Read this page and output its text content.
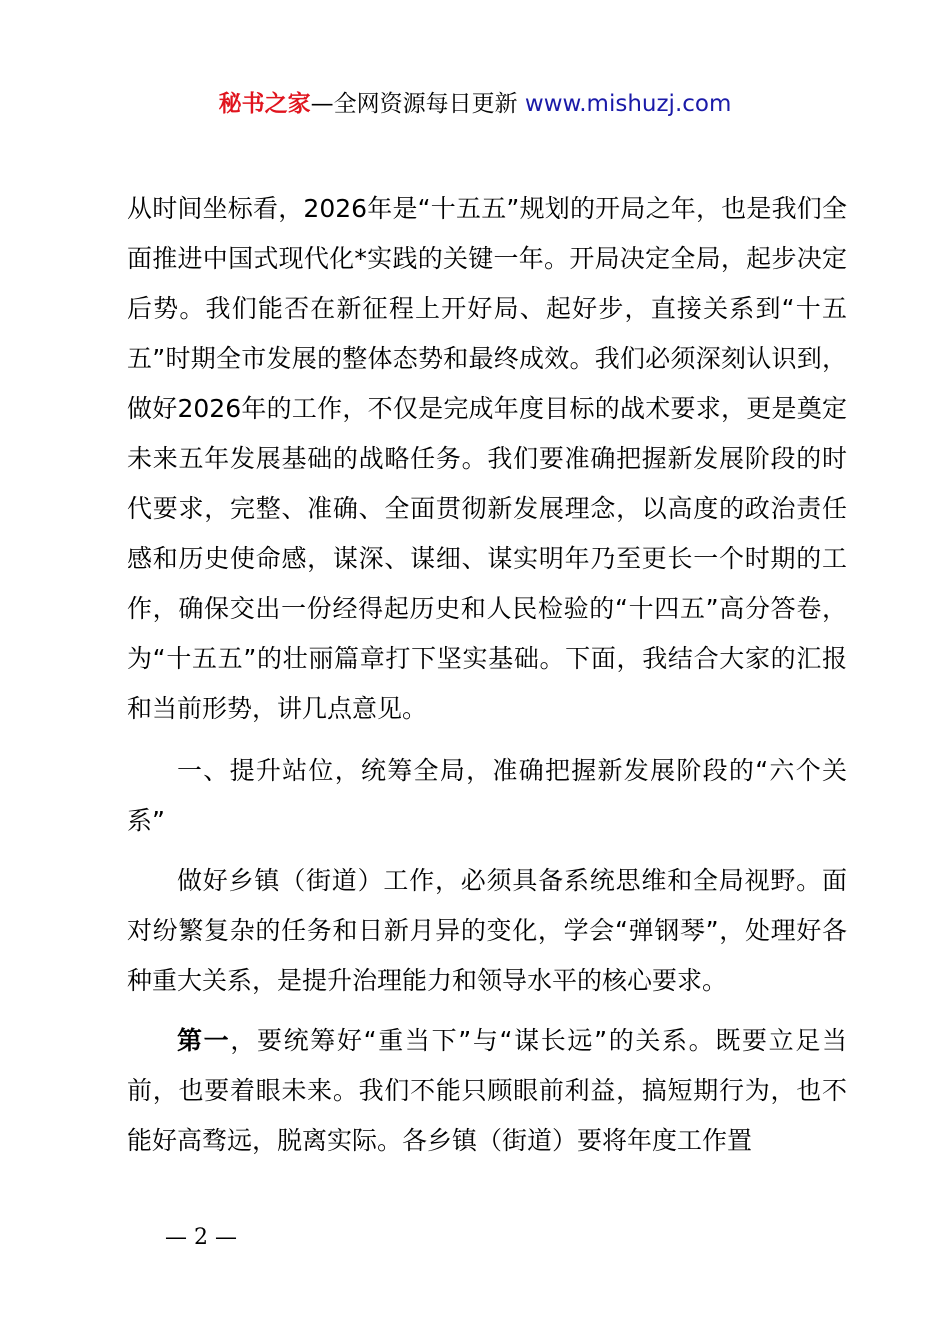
秘书之家—全网资源每日更新 www.mishuzj.com

从时间坐标看，2026年是“十五五”规划的开局之年，也是我们全面推进中国式现代化*实践的关键一年。开局决定全局，起步决定后势。我们能否在新征程上开好局、起好步，直接关系到“十五五”时期全市发展的整体态势和最终成效。我们必须深刻认识到，做好2026年的工作，不仅是完成年度目标的战术要求，更是奠定未来五年发展基础的战略任务。我们要准确把握新发展阶段的时代要求，完整、准确、全面贯彻新发展理念，以高度的政治责任感和历史使命感，谋深、谋细、谋实明年乃至更长一个时期的工作，确保交出一份经得起历史和人民检验的“十四五”高分答卷，为“十五五”的壮丽篇章打下坚实基础。下面，我结合大家的汇报和当前形势，讲几点意见。

一、提升站位，统筹全局，准确把握新发展阶段的“六个关系”

做好乡镇（街道）工作，必须具备系统思维和全局视野。面对纷繁复杂的任务和日新月异的变化，学会“弹钢琴”，处理好各种重大关系，是提升治理能力和领导水平的核心要求。

第一，要统筹好“重当下”与“谋长远”的关系。既要立足当前，也要着眼未来。我们不能只顾眼前利益，搞短期行为，也不能好高骛远，脱离实际。各乡镇（街道）要将年度工作置

— 2 —
